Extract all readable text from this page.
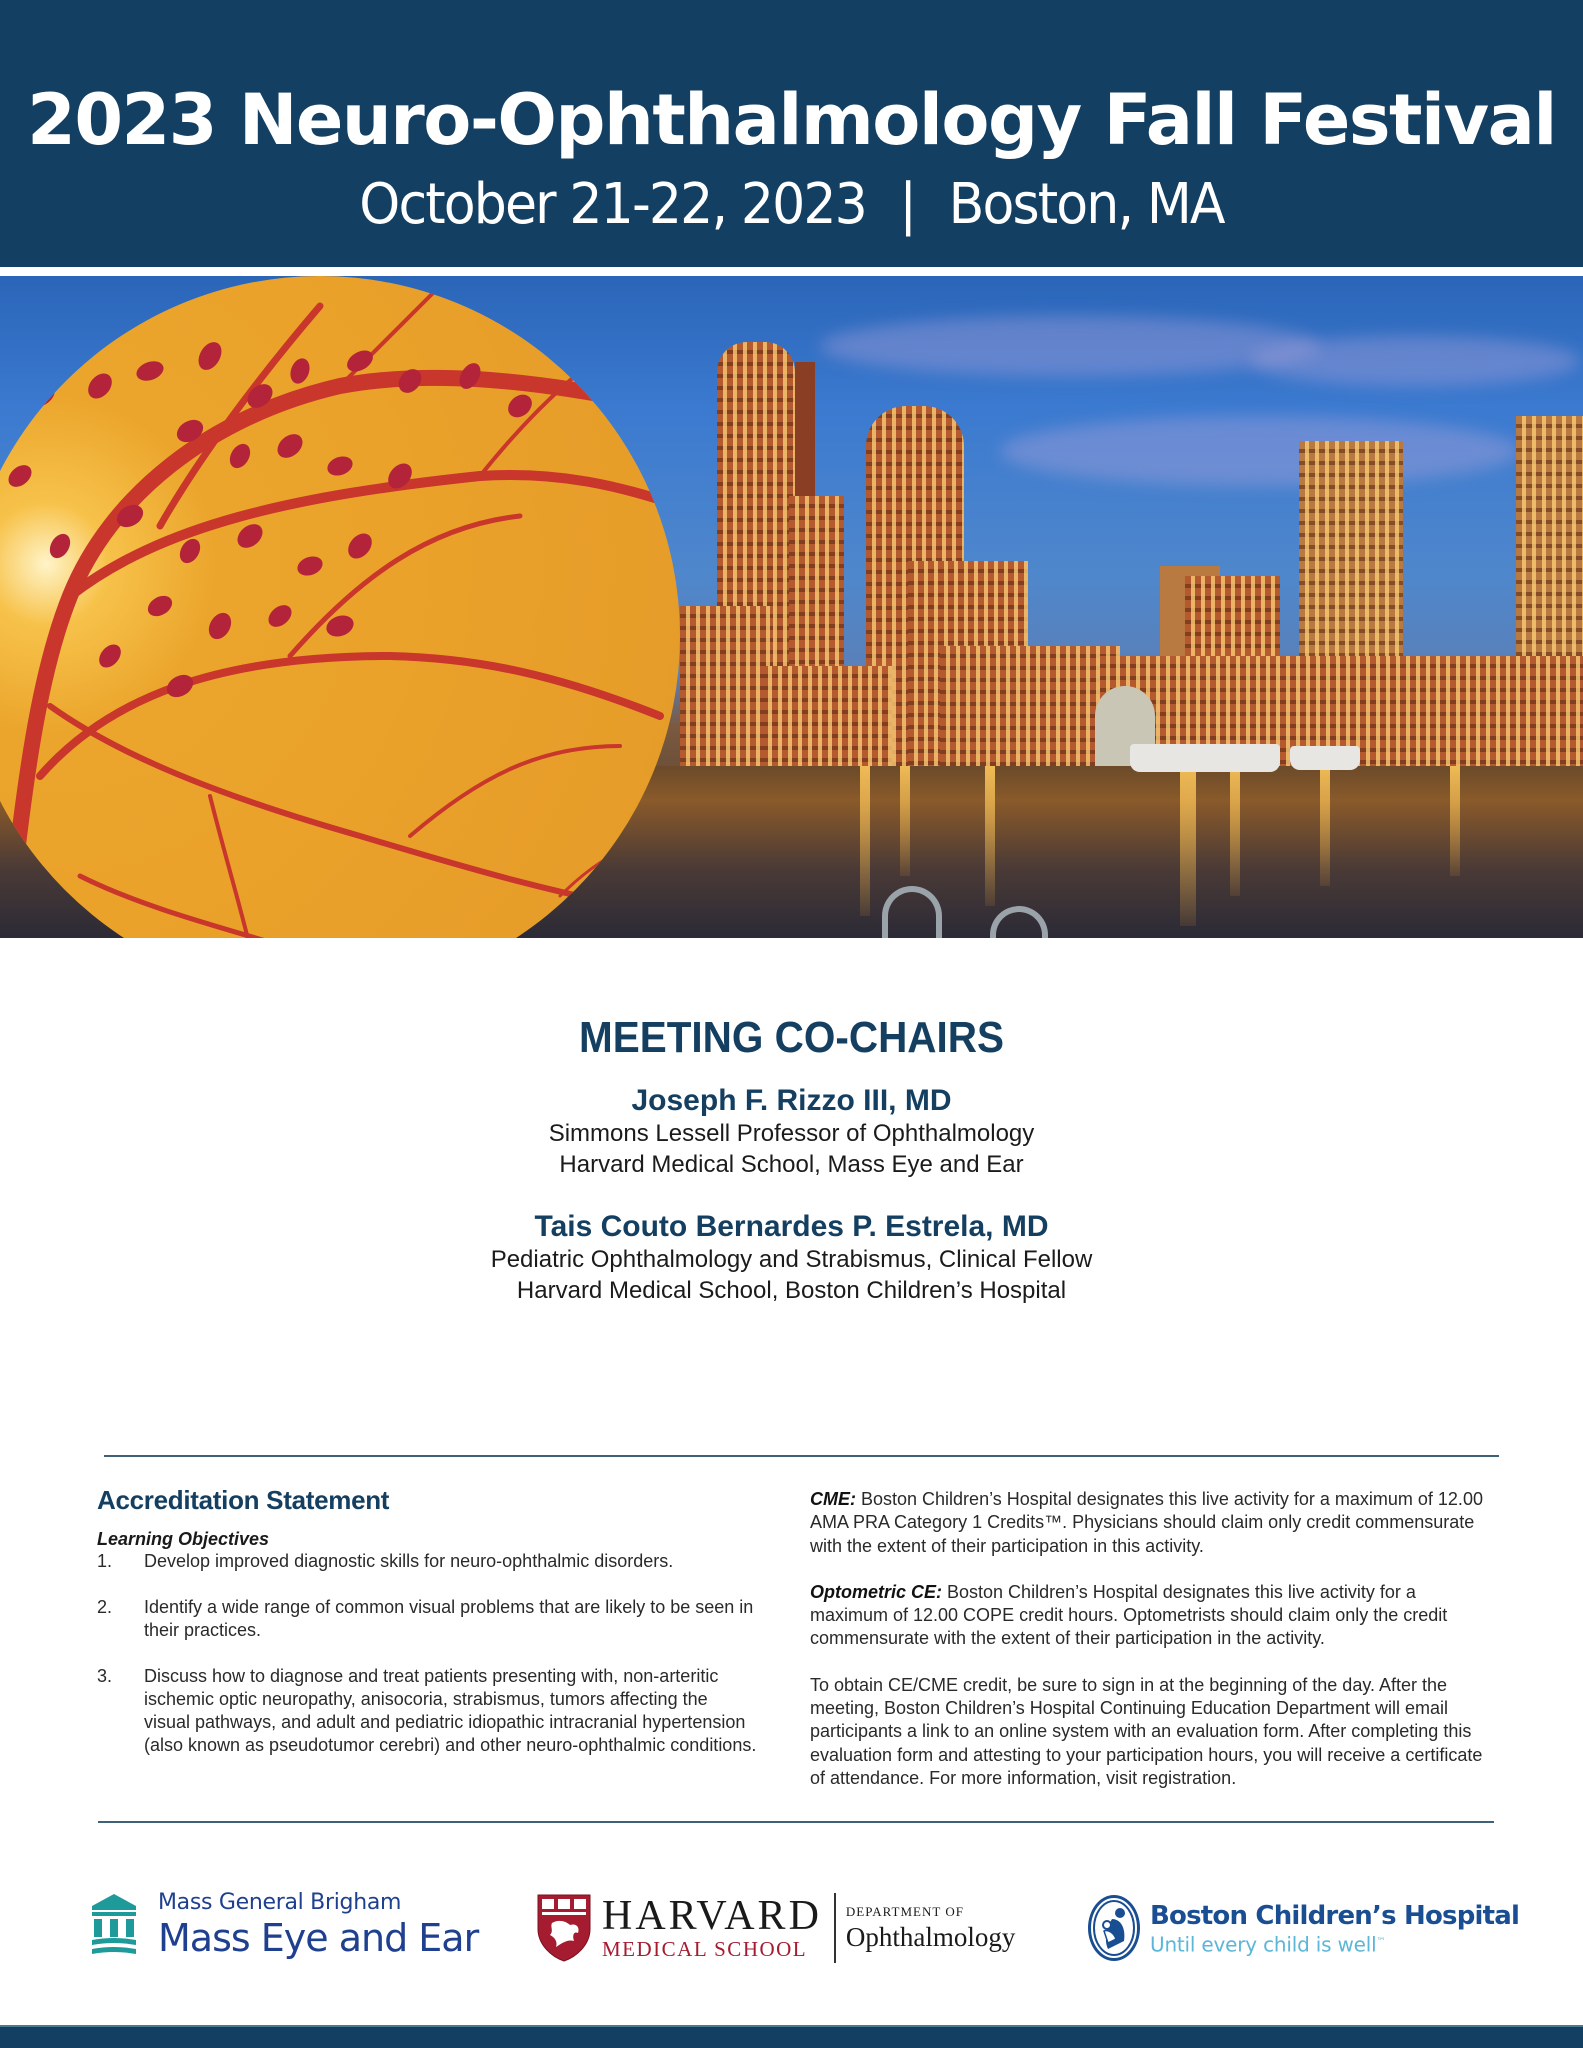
2023 Neuro-Ophthalmology Fall Festival
October 21-22, 2023 | Boston, MA
MEETING CO-CHAIRS
Joseph F. Rizzo III, MD
Simmons Lessell Professor of Ophthalmology
Harvard Medical School, Mass Eye and Ear
Tais Couto Bernardes P. Estrela, MD
Pediatric Ophthalmology and Strabismus, Clinical Fellow
Harvard Medical School, Boston Children’s Hospital
Accreditation Statement
Learning Objectives
1.	Develop improved diagnostic skills for neuro-ophthalmic disorders.
2.	Identify a wide range of common visual problems that are likely to be seen in their practices.
3.	Discuss how to diagnose and treat patients presenting with, non-arteritic ischemic optic neuropathy, anisocoria, strabismus, tumors affecting the visual pathways, and adult and pediatric idiopathic intracranial hypertension (also known as pseudotumor cerebri) and other neuro-ophthalmic conditions.

CME: Boston Children’s Hospital designates this live activity for a maximum of 12.00 AMA PRA Category 1 Credits™. Physicians should claim only credit commensurate with the extent of their participation in this activity.

Optometric CE: Boston Children’s Hospital designates this live activity for a maximum of 12.00 COPE credit hours. Optometrists should claim only the credit commensurate with the extent of their participation in the activity.

To obtain CE/CME credit, be sure to sign in at the beginning of the day. After the meeting, Boston Children’s Hospital Continuing Education Department will email participants a link to an online system with an evaluation form. After completing this evaluation form and attesting to your participation hours, you will receive a certificate of attendance. For more information, visit registration.

Mass General Brigham
Mass Eye and Ear	HARVARD
MEDICAL SCHOOL
DEPARTMENT OF
Ophthalmology
Boston Children’s Hospital
Until every child is well™
